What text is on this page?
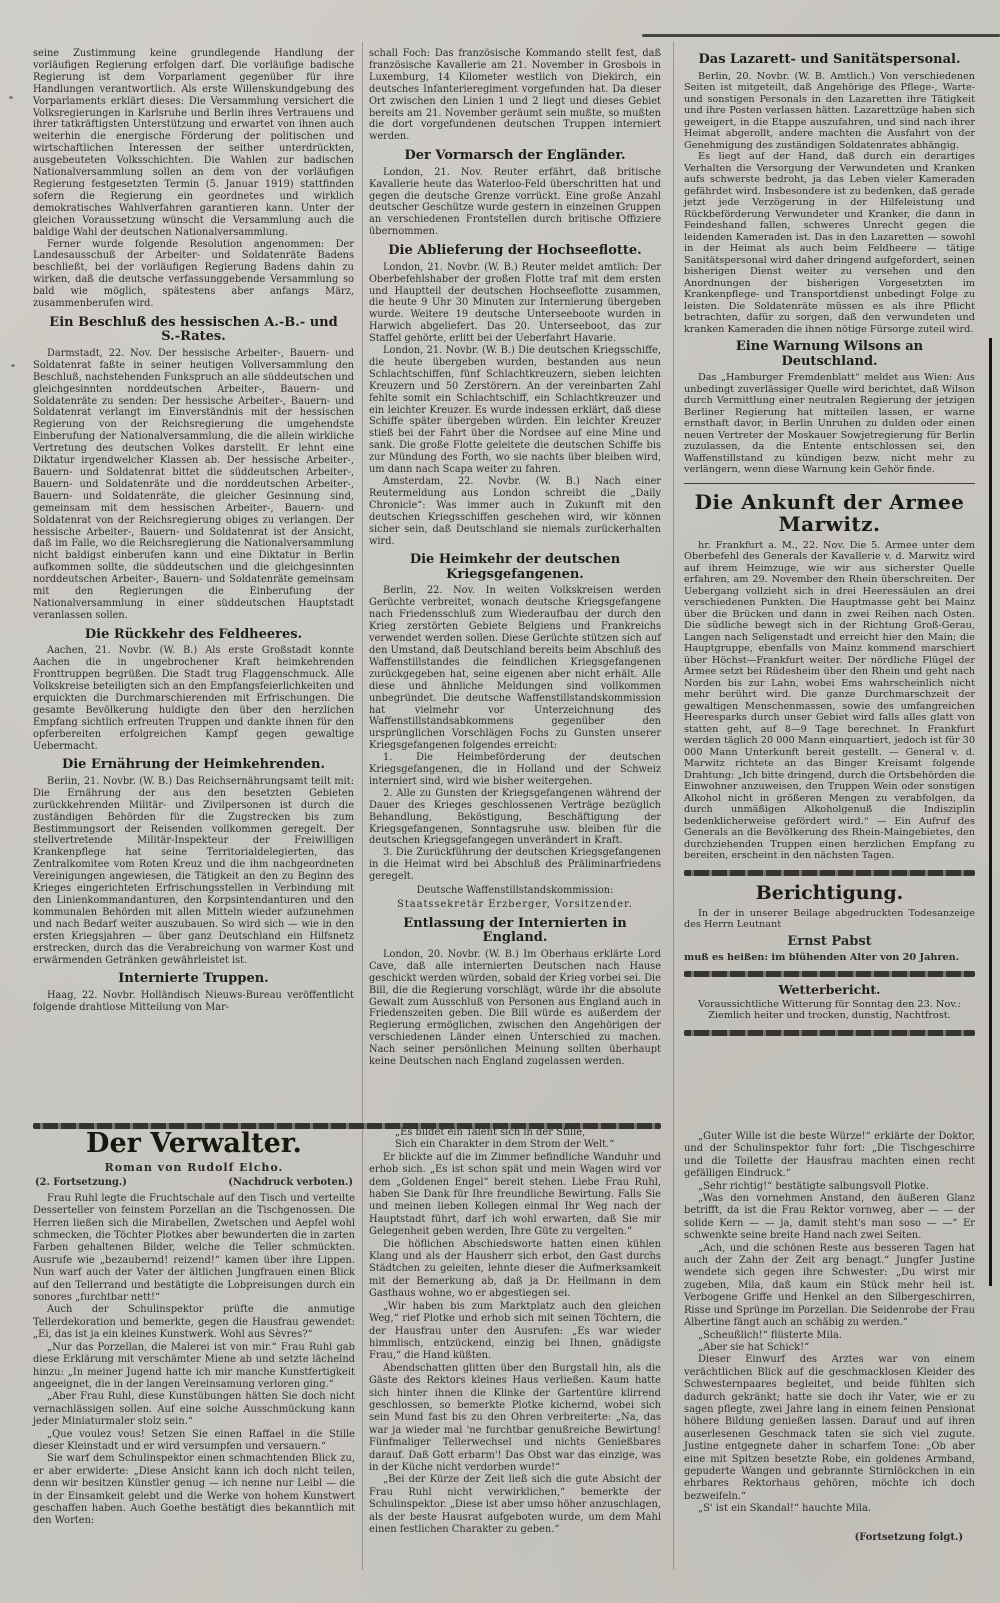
seine Zustimmung keine grundlegende Handlung der vorläufigen Regierung erfolgen darf. Die vorläufige badische Regierung ist dem Vorparlament gegenüber für ihre Handlungen verantwortlich. Als erste Willenskundgebung des Vorparlaments erklärt dieses: Die Versammlung versichert die Volksregierungen in Karlsruhe und Berlin ihres Vertrauens und ihrer tatkräftigsten Unterstützung und erwartet von ihnen auch weiterhin die energische Förderung der politischen und wirtschaftlichen Interessen der seither unterdrückten, ausgebeuteten Volksschichten. Die Wahlen zur badischen Nationalversammlung sollen an dem von der vorläufigen Regierung festgesetzten Termin (5. Januar 1919) stattfinden sofern die Regierung ein geordnetes und wirklich demokratisches Wahlverfahren garantieren kann. Unter der gleichen Voraussetzung wünscht die Versammlung auch die baldige Wahl der deutschen Nationalversammlung.

Ferner wurde folgende Resolution angenommen: Der Landesausschuß der Arbeiter- und Soldatenräte Badens beschließt, bei der vorläufigen Regierung Badens dahin zu wirken, daß die deutsche verfassunggebende Versammlung so bald wie möglich, spätestens aber anfangs März, zusammenberufen wird.

Ein Beschluß des hessischen A.-B.- und S.-Rates.

Darmstadt, 22. Nov. Der hessische Arbeiter-, Bauern- und Soldatenrat faßte in seiner heutigen Vollversammlung den Beschluß, nachstehenden Funkspruch an alle süddeutschen und gleichgesinnten norddeutschen Arbeiter-, Bauern- und Soldatenräte zu senden: Der hessische Arbeiter-, Bauern- und Soldatenrat verlangt im Einverständnis mit der hessischen Regierung von der Reichsregierung die umgehendste Einberufung der Nationalversammlung, die die allein wirkliche Vertretung des deutschen Volkes darstellt. Er lehnt eine Diktatur irgendwelcher Klassen ab. Der hessische Arbeiter-, Bauern- und Soldatenrat bittet die süddeutschen Arbeiter-, Bauern- und Soldatenräte und die norddeutschen Arbeiter-, Bauern- und Soldatenräte, die gleicher Gesinnung sind, gemeinsam mit dem hessischen Arbeiter-, Bauern- und Soldatenrat von der Reichsregierung obiges zu verlangen. Der hessische Arbeiter-, Bauern- und Soldatenrat ist der Ansicht, daß im Falle, wo die Reichsregierung die Nationalversammlung nicht baldigst einberufen kann und eine Diktatur in Berlin aufkommen sollte, die süddeutschen und die gleichgesinnten norddeutschen Arbeiter-, Bauern- und Soldatenräte gemeinsam mit den Regierungen die Einberufung der Nationalversammlung in einer süddeutschen Hauptstadt veranlassen sollen.

Die Rückkehr des Feldheeres.

Aachen, 21. Novbr. (W. B.) Als erste Großstadt konnte Aachen die in ungebrochener Kraft heimkehrenden Fronttruppen begrüßen. Die Stadt trug Flaggenschmuck. Alle Volkskreise beteiligten sich an den Empfangsfeierlichkeiten und erquickten die Durchmarschierenden mit Erfrischungen. Die gesamte Bevölkerung huldigte den über den herzlichen Empfang sichtlich erfreuten Truppen und dankte ihnen für den opferbereiten erfolgreichen Kampf gegen gewaltige Uebermacht.

Die Ernährung der Heimkehrenden.

Berlin, 21. Novbr. (W. B.) Das Reichsernährungsamt teilt mit: Die Ernährung der aus den besetzten Gebieten zurückkehrenden Militär- und Zivilpersonen ist durch die zuständigen Behörden für die Zugstrecken bis zum Bestimmungsort der Reisenden vollkommen geregelt. Der stellvertretende Militär-Inspekteur der Freiwilligen Krankenpflege hat seine Territorialdelegierten, das Zentralkomitee vom Roten Kreuz und die ihm nachgeordneten Vereinigungen angewiesen, die Tätigkeit an den zu Beginn des Krieges eingerichteten Erfrischungsstellen in Verbindung mit den Linienkommandanturen, den Korpsintendanturen und den kommunalen Behörden mit allen Mitteln wieder aufzunehmen und nach Bedarf weiter auszubauen. So wird sich — wie in den ersten Kriegsjahren — über ganz Deutschland ein Hilfsnetz erstrecken, durch das die Verabreichung von warmer Kost und erwärmenden Getränken gewährleistet ist.

Internierte Truppen.

Haag, 22. Novbr. Holländisch Nieuws-Bureau veröffentlicht folgende drahtlose Mitteilung von Mar-

schall Foch: Das französische Kommando stellt fest, daß französische Kavallerie am 21. November in Grosbois in Luxemburg, 14 Kilometer westlich von Diekirch, ein deutsches Infanterieregiment vorgefunden hat. Da dieser Ort zwischen den Linien 1 und 2 liegt und dieses Gebiet bereits am 21. November geräumt sein mußte, so mußten die dort vorgefundenen deutschen Truppen interniert werden.

Der Vormarsch der Engländer.

London, 21. Nov. Reuter erfährt, daß britische Kavallerie heute das Waterloo-Feld überschritten hat und gegen die deutsche Grenze vorrückt. Eine große Anzahl deutscher Geschütze wurde gestern in einzelnen Gruppen an verschiedenen Frontstellen durch britische Offiziere übernommen.

Die Ablieferung der Hochseeflotte.

London, 21. Novbr. (W. B.) Reuter meldet amtlich: Der Oberbefehlshaber der großen Flotte traf mit dem ersten und Hauptteil der deutschen Hochseeflotte zusammen, die heute 9 Uhr 30 Minuten zur Internierung übergeben wurde. Weitere 19 deutsche Unterseeboote wurden in Harwich abgeliefert. Das 20. Unterseeboot, das zur Staffel gehörte, erlitt bei der Ueberfahrt Havarie.

London, 21. Novbr. (W. B.) Die deutschen Kriegsschiffe, die heute übergeben wurden, bestanden aus neun Schlachtschiffen, fünf Schlachtkreuzern, sieben leichten Kreuzern und 50 Zerstörern. An der vereinbarten Zahl fehlte somit ein Schlachtschiff, ein Schlachtkreuzer und ein leichter Kreuzer. Es wurde indessen erklärt, daß diese Schiffe später übergeben würden. Ein leichter Kreuzer stieß bei der Fahrt über die Nordsee auf eine Mine und sank. Die große Flotte geleitete die deutschen Schiffe bis zur Mündung des Forth, wo sie nachts über bleiben wird, um dann nach Scapa weiter zu fahren.

Amsterdam, 22. Novbr. (W. B.) Nach einer Reutermeldung aus London schreibt die „Daily Chronicle“: Was immer auch in Zukunft mit den deutschen Kriegsschiffen geschehen wird, wir können sicher sein, daß Deutschland sie niemals zurückerhalten wird.

Die Heimkehr der deutschen Kriegsgefangenen.

Berlin, 22. Nov. In weiten Volkskreisen werden Gerüchte verbreitet, wonach deutsche Kriegsgefangene nach Friedensschluß zum Wiederaufbau der durch den Krieg zerstörten Gebiete Belgiens und Frankreichs verwendet werden sollen. Diese Gerüchte stützen sich auf den Umstand, daß Deutschland bereits beim Abschluß des Waffenstillstandes die feindlichen Kriegsgefangenen zurückgegeben hat, seine eigenen aber nicht erhält. Alle diese und ähnliche Meldungen sind vollkommen unbegründet. Die deutsche Waffenstillstandskommission hat vielmehr vor Unterzeichnung des Waffenstillstandsabkommens gegenüber den ursprünglichen Vorschlägen Fochs zu Gunsten unserer Kriegsgefangenen folgendes erreicht:

1. Die Heimbeförderung der deutschen Kriegsgefangenen, die in Holland und der Schweiz interniert sind, wird wie bisher weitergehen.

2. Alle zu Gunsten der Kriegsgefangenen während der Dauer des Krieges geschlossenen Verträge bezüglich Behandlung, Beköstigung, Beschäftigung der Kriegsgefangenen, Sonntagsruhe usw. bleiben für die deutschen Kriegsgefangegen unverändert in Kraft.

3. Die Zurückführung der deutschen Kriegsgefangenen in die Heimat wird bei Abschluß des Präliminarfriedens geregelt.

Deutsche Waffenstillstandskommission:

Staatssekretär Erzberger, Vorsitzender.

Entlassung der Internierten in England.

London, 20. Novbr. (W. B.) Im Oberhaus erklärte Lord Cave, daß alle internierten Deutschen nach Hause geschickt werden würden, sobald der Krieg vorbei sei. Die Bill, die die Regierung vorschlägt, würde ihr die absolute Gewalt zum Ausschluß von Personen aus England auch in Friedenszeiten geben. Die Bill würde es außerdem der Regierung ermöglichen, zwischen den Angehörigen der verschiedenen Länder einen Unterschied zu machen. Nach seiner persönlichen Meinung sollten überhaupt keine Deutschen nach England zugelassen werden.

Das Lazarett- und Sanitätspersonal.

Berlin, 20. Novbr. (W. B. Amtlich.) Von verschiedenen Seiten ist mitgeteilt, daß Angehörige des Pflege-, Warte- und sonstigen Personals in den Lazaretten ihre Tätigkeit und ihre Posten verlassen hätten. Lazarettzüge haben sich geweigert, in die Etappe auszufahren, und sind nach ihrer Heimat abgerollt, andere machten die Ausfahrt von der Genehmigung des zuständigen Soldatenrates abhängig.

Es liegt auf der Hand, daß durch ein derartiges Verhalten die Versorgung der Verwundeten und Kranken aufs schwerste bedroht, ja das Leben vieler Kameraden gefährdet wird. Insbesondere ist zu bedenken, daß gerade jetzt jede Verzögerung in der Hilfeleistung und Rückbeförderung Verwundeter und Kranker, die dann in Feindeshand fallen, schweres Unrecht gegen die leidenden Kameraden ist. Das in den Lazaretten — sowohl in der Heimat als auch beim Feldheere — tätige Sanitätspersonal wird daher dringend aufgefordert, seinen bisherigen Dienst weiter zu versehen und den Anordnungen der bisherigen Vorgesetzten im Krankenpflege- und Transportdienst unbedingt Folge zu leisten. Die Soldatenräte müssen es als ihre Pflicht betrachten, dafür zu sorgen, daß den verwundeten und kranken Kameraden die ihnen nötige Fürsorge zuteil wird.

Eine Warnung Wilsons an Deutschland.

Das „Hamburger Fremdenblatt“ meldet aus Wien: Aus unbedingt zuverlässiger Quelle wird berichtet, daß Wilson durch Vermittlung einer neutralen Regierung der jetzigen Berliner Regierung hat mitteilen lassen, er warne ernsthaft davor, in Berlin Unruhen zu dulden oder einen neuen Vertreter der Moskauer Sowjetregierung für Berlin zuzulassen, da die Entente entschlossen sei, den Waffenstillstand zu kündigen bezw. nicht mehr zu verlängern, wenn diese Warnung kein Gehör finde.

Die Ankunft der Armee Marwitz.

hr. Frankfurt a. M., 22. Nov. Die 5. Armee unter dem Oberbefehl des Generals der Kavallerie v. d. Marwitz wird auf ihrem Heimzuge, wie wir aus sicherster Quelle erfahren, am 29. November den Rhein überschreiten. Der Uebergang vollzieht sich in drei Heeressäulen an drei verschiedenen Punkten. Die Hauptmasse geht bei Mainz über die Brücken und dann in zwei Reihen nach Osten. Die südliche bewegt sich in der Richtung Groß-Gerau, Langen nach Seligenstadt und erreicht hier den Main; die Hauptgruppe, ebenfalls von Mainz kommend marschiert über Höchst—Frankfurt weiter. Der nördliche Flügel der Armee setzt bei Rüdesheim über den Rhein und geht nach Norden bis zur Lahn, wobei Ems wahrscheinlich nicht mehr berührt wird. Die ganze Durchmarschzeit der gewaltigen Menschenmassen, sowie des umfangreichen Heeresparks durch unser Gebiet wird falls alles glatt von statten geht, auf 8—9 Tage berechnet. In Frankfurt werden täglich 20 000 Mann einquartiert, jedoch ist für 30 000 Mann Unterkunft bereit gestellt. — General v. d. Marwitz richtete an das Binger Kreisamt folgende Drahtung: „Ich bitte dringend, durch die Ortsbehörden die Einwohner anzuweisen, den Truppen Wein oder sonstigen Alkohol nicht in größeren Mengen zu verabfolgen, da durch unmäßigen Alkoholgenuß die Indisziplin bedenklicherweise gefördert wird.“ — Ein Aufruf des Generals an die Bevölkerung des Rhein-Maingebietes, den durchziehenden Truppen einen herzlichen Empfang zu bereiten, erscheint in den nächsten Tagen.

Berichtigung.

In der in unserer Beilage abgedruckten Todesanzeige des Herrn Leutnant

Ernst Pabst

muß es heißen: im blühenden Alter von 20 Jahren.

Wetterbericht.

Voraussichtliche Witterung für Sonntag den 23. Nov.:

Ziemlich heiter und trocken, dunstig, Nachtfrost.

Der Verwalter.
Roman von Rudolf Elcho.
(2. Fortsetzung.)	(Nachdruck verboten.)

Frau Ruhl legte die Fruchtschale auf den Tisch und verteilte Desserteller von feinstem Porzellan an die Tischgenossen. Die Herren ließen sich die Mirabellen, Zwetschen und Aepfel wohl schmecken, die Töchter Plotkes aber bewunderten die in zarten Farben gehaltenen Bilder, welche die Teller schmückten. Ausrufe wie „bezaubernd! reizend!“ kamen über ihre Lippen. Nun warf auch der Vater der ältlichen Jungfrauen einen Blick auf den Tellerrand und bestätigte die Lobpreisungen durch ein sonores „furchtbar nett!“

Auch der Schulinspektor prüfte die anmutige Tellerdekoration und bemerkte, gegen die Hausfrau gewendet: „Ei, das ist ja ein kleines Kunstwerk. Wohl aus Sèvres?“

„Nur das Porzellan, die Malerei ist von mir.“ Frau Ruhl gab diese Erklärung mit verschämter Miene ab und setzte lächelnd hinzu: „In meiner Jugend hatte ich mir manche Kunstfertigkeit angeeignet, die in der langen Vereinsamung verloren ging.“

„Aber Frau Ruhl, diese Kunstübungen hätten Sie doch nicht vernachlässigen sollen. Auf eine solche Ausschmückung kann jeder Miniaturmaler stolz sein.“

„Que voulez vous! Setzen Sie einen Raffael in die Stille dieser Kleinstadt und er wird versumpfen und versauern.“

Sie warf dem Schulinspektor einen schmachtenden Blick zu, er aber erwiderte: „Diese Ansicht kann ich doch nicht teilen, denn wir besitzen Künstler genug — ich nenne nur Leibl — die in der Einsamkeit gelebt und die Werke von hohem Kunstwert geschaffen haben. Auch Goethe bestätigt dies bekanntlich mit den Worten:

„Es bildet ein Talent sich in der Stille,

Sich ein Charakter in dem Strom der Welt.“

Er blickte auf die im Zimmer befindliche Wanduhr und erhob sich. „Es ist schon spät und mein Wagen wird vor dem „Goldenen Engel“ bereit stehen. Liebe Frau Ruhl, haben Sie Dank für Ihre freundliche Bewirtung. Falls Sie und meinen lieben Kollegen einmal Ihr Weg nach der Hauptstadt führt, darf ich wohl erwarten, daß Sie mir Gelegenheit geben werden, Ihre Güte zu vergelten.“

Die höflichen Abschiedsworte hatten einen kühlen Klang und als der Hausherr sich erbot, den Gast durchs Städtchen zu geleiten, lehnte dieser die Aufmerksamkeit mit der Bemerkung ab, daß ja Dr. Heilmann in dem Gasthaus wohne, wo er abgestiegen sei.

„Wir haben bis zum Marktplatz auch den gleichen Weg,“ rief Plotke und erhob sich mit seinen Töchtern, die der Hausfrau unter den Ausrufen: „Es war wieder himmlisch, entzückend, einzig bei Ihnen, gnädigste Frau,“ die Hand küßten.

Abendschatten glitten über den Burgstall hin, als die Gäste des Rektors kleines Haus verließen. Kaum hatte sich hinter ihnen die Klinke der Gartentüre klirrend geschlossen, so bemerkte Plotke kichernd, wobei sich sein Mund fast bis zu den Ohren verbreiterte: „Na, das war ja wieder mal 'ne furchtbar genußreiche Bewirtung! Fünfmaliger Tellerwechsel und nichts Genießbares darauf. Daß Gott erbarm'! Das Obst war das einzige, was in der Küche nicht verdorben wurde!“

„Bei der Kürze der Zeit ließ sich die gute Absicht der Frau Ruhl nicht verwirklichen,“ bemerkte der Schulinspektor. „Diese ist aber umso höher anzuschlagen, als der beste Hausrat aufgeboten wurde, um dem Mahl einen festlichen Charakter zu geben.“

„Guter Wille ist die beste Würze!“ erklärte der Doktor, und der Schulinspektor fuhr fort: „Die Tischgeschirre und die Toilette der Hausfrau machten einen recht gefälligen Eindruck.“

„Sehr richtig!“ bestätigte salbungsvoll Plotke.

„Was den vornehmen Anstand, den äußeren Glanz betrifft, da ist die Frau Rektor vornweg, aber — — der solide Kern — — ja, damit steht's man soso — —“ Er schwenkte seine breite Hand nach zwei Seiten.

„Ach, und die schönen Reste aus besseren Tagen hat auch der Zahn der Zeit arg benagt.“ Jungfer Justine wendete sich gegen ihre Schwester: „Du wirst mir zugeben, Mila, daß kaum ein Stück mehr heil ist. Verbogene Griffe und Henkel an den Silbergeschirren, Risse und Sprünge im Porzellan. Die Seidenrobe der Frau Albertine fängt auch an schäbig zu werden.“

„Scheußlich!“ flüsterte Mila.

„Aber sie hat Schick!“

Dieser Einwurf des Arztes war von einem verächtlichen Blick auf die geschmacklosen Kleider des Schwesternpaares begleitet, und beide fühlten sich dadurch gekränkt; hatte sie doch ihr Vater, wie er zu sagen pflegte, zwei Jahre lang in einem feinen Pensionat höhere Bildung genießen lassen. Darauf und auf ihren auserlesenen Geschmack taten sie sich viel zugute. Justine entgegnete daher in scharfem Tone: „Ob aber eine mit Spitzen besetzte Robe, ein goldenes Armband, gepuderte Wangen und gebrannte Stirnlöckchen in ein ehrbares Rektorhaus gehören, möchte ich doch bezweifeln.“

„S' ist ein Skandal!“ hauchte Mila.

(Fortsetzung folgt.)
